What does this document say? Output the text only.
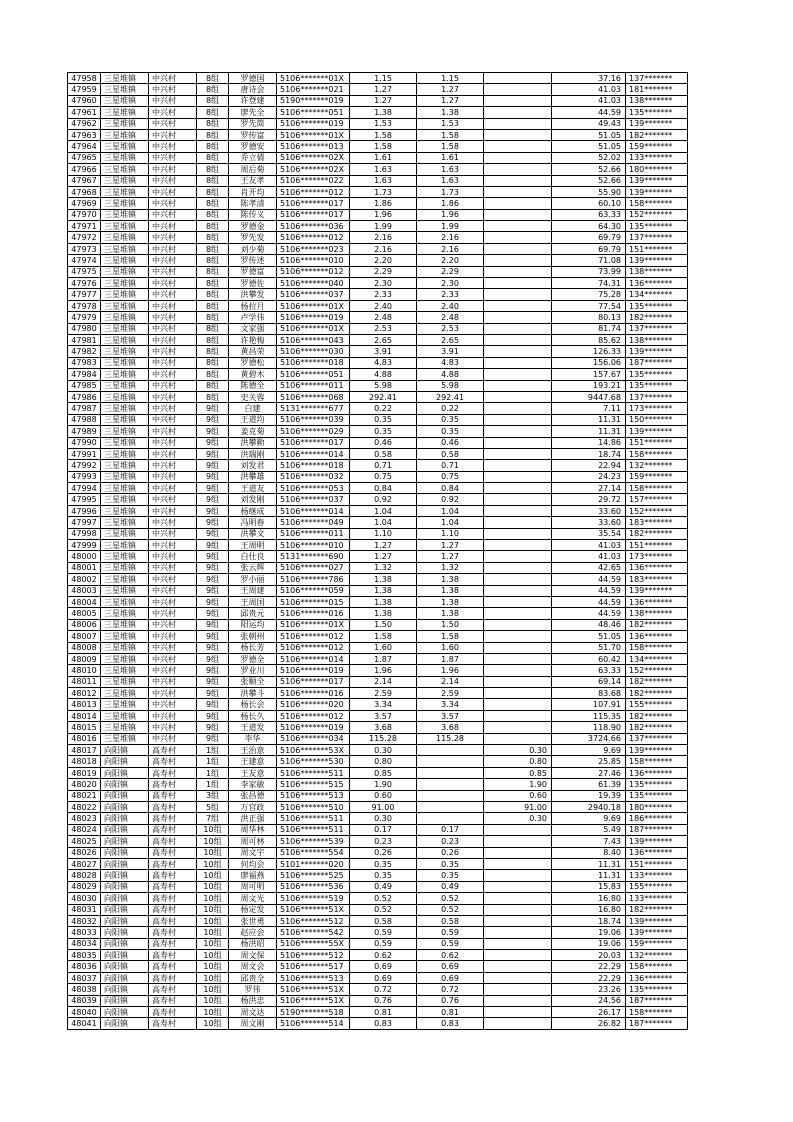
47958	三星堆镇	中兴村	8组	罗德国	5106*******01X	1.15	1.15		37.16	137*******
47959	三星堆镇	中兴村	8组	唐诗会	5106*******021	1.27	1.27		41.03	181*******
47960	三星堆镇	中兴村	8组	许登建	5190*******019	1.27	1.27		41.03	138*******
47961	三星堆镇	中兴村	8组	廖先全	5106*******051	1.38	1.38		44.59	135*******
47962	三星堆镇	中兴村	8组	罗先简	5106*******019	1.53	1.53		49.43	139*******
47963	三星堆镇	中兴村	8组	罗传富	5106*******01X	1.58	1.58		51.05	182*******
47964	三星堆镇	中兴村	8组	罗德安	5106*******013	1.58	1.58		51.05	159*******
47965	三星堆镇	中兴村	8组	乔立倩	5106*******02X	1.61	1.61		52.02	133*******
47966	三星堆镇	中兴村	8组	周后菊	5106*******02X	1.63	1.63		52.66	180*******
47967	三星堆镇	中兴村	8组	王友孝	5106*******022	1.63	1.63		52.66	139*******
47968	三星堆镇	中兴村	8组	肖开均	5106*******012	1.73	1.73		55.90	139*******
47969	三星堆镇	中兴村	8组	陈孝清	5106*******017	1.86	1.86		60.10	158*******
47970	三星堆镇	中兴村	8组	陈传义	5106*******017	1.96	1.96		63.33	152*******
47971	三星堆镇	中兴村	8组	罗德金	5106*******036	1.99	1.99		64.30	135*******
47972	三星堆镇	中兴村	8组	罗先发	5106*******012	2.16	2.16		69.79	137*******
47973	三星堆镇	中兴村	8组	刘少菊	5106*******023	2.16	2.16		69.79	151*******
47974	三星堆镇	中兴村	8组	罗传述	5106*******010	2.20	2.20		71.08	139*******
47975	三星堆镇	中兴村	8组	罗德富	5106*******012	2.29	2.29		73.99	138*******
47976	三星堆镇	中兴村	8组	罗德佐	5106*******040	2.30	2.30		74.31	136*******
47977	三星堆镇	中兴村	8组	洪攀发	5106*******037	2.33	2.33		75.28	134*******
47978	三星堆镇	中兴村	8组	杨拉月	5106*******01X	2.40	2.40		77.54	135*******
47979	三星堆镇	中兴村	8组	卢学伟	5106*******019	2.48	2.48		80.13	182*******
47980	三星堆镇	中兴村	8组	文家强	5106*******01X	2.53	2.53		81.74	137*******
47981	三星堆镇	中兴村	8组	许艳梅	5106*******043	2.65	2.65		85.62	138*******
47982	三星堆镇	中兴村	8组	黄昌荣	5106*******030	3.91	3.91		126.33	139*******
47983	三星堆镇	中兴村	8组	罗德松	5106*******018	4.83	4.83		156.06	187*******
47984	三星堆镇	中兴村	8组	黄碧木	5106*******051	4.88	4.88		157.67	135*******
47985	三星堆镇	中兴村	8组	陈德全	5106*******011	5.98	5.98		193.21	135*******
47986	三星堆镇	中兴村	8组	史关蓉	5106*******068	292.41	292.41		9447.68	137*******
47987	三星堆镇	中兴村	9组	白建	5131*******677	0.22	0.22		7.11	173*******
47988	三星堆镇	中兴村	9组	王道均	5106*******039	0.35	0.35		11.31	150*******
47989	三星堆镇	中兴村	9组	姜克菊	5106*******029	0.35	0.35		11.31	139*******
47990	三星堆镇	中兴村	9组	洪攀勤	5106*******017	0.46	0.46		14.86	151*******
47991	三星堆镇	中兴村	9组	洪瑞刚	5106*******014	0.58	0.58		18.74	158*******
47992	三星堆镇	中兴村	9组	刘发君	5106*******018	0.71	0.71		22.94	132*******
47993	三星堆镇	中兴村	9组	洪攀雄	5106*******032	0.75	0.75		24.23	159*******
47994	三星堆镇	中兴村	9组	王道友	5106*******053	0.84	0.84		27.14	158*******
47995	三星堆镇	中兴村	9组	刘发刚	5106*******037	0.92	0.92		29.72	157*******
47996	三星堆镇	中兴村	9组	杨继成	5106*******014	1.04	1.04		33.60	152*******
47997	三星堆镇	中兴村	9组	冯明春	5106*******049	1.04	1.04		33.60	183*******
47998	三星堆镇	中兴村	9组	洪攀文	5106*******011	1.10	1.10		35.54	182*******
47999	三星堆镇	中兴村	9组	王周明	5106*******010	1.27	1.27		41.03	151*******
48000	三星堆镇	中兴村	9组	白仕良	5131*******690	1.27	1.27		41.03	173*******
48001	三星堆镇	中兴村	9组	张云辉	5106*******027	1.32	1.32		42.65	136*******
48002	三星堆镇	中兴村	9组	罗小丽	5106*******786	1.38	1.38		44.59	183*******
48003	三星堆镇	中兴村	9组	王周建	5106*******059	1.38	1.38		44.59	139*******
48004	三星堆镇	中兴村	9组	王周国	5106*******015	1.38	1.38		44.59	136*******
48005	三星堆镇	中兴村	9组	邱贵元	5106*******016	1.38	1.38		44.59	138*******
48006	三星堆镇	中兴村	9组	阳运均	5106*******01X	1.50	1.50		48.46	182*******
48007	三星堆镇	中兴村	9组	张朝州	5106*******012	1.58	1.58		51.05	136*******
48008	三星堆镇	中兴村	9组	杨长芳	5106*******012	1.60	1.60		51.70	158*******
48009	三星堆镇	中兴村	9组	罗德全	5106*******014	1.87	1.87		60.42	134*******
48010	三星堆镇	中兴村	9组	罗业川	5106*******019	1.96	1.96		63.33	152*******
48011	三星堆镇	中兴村	9组	张顺全	5106*******017	2.14	2.14		69.14	182*******
48012	三星堆镇	中兴村	9组	洪攀斗	5106*******016	2.59	2.59		83.68	182*******
48013	三星堆镇	中兴村	9组	杨长会	5106*******020	3.34	3.34		107.91	155*******
48014	三星堆镇	中兴村	9组	杨长久	5106*******012	3.57	3.57		115.35	182*******
48015	三星堆镇	中兴村	9组	王道发	5106*******019	3.68	3.68		118.90	182*******
48016	三星堆镇	中兴村	9组	李华	5106*******034	115.28	115.28		3724.66	137*******
48017	向阳镇	高寿村	1组	王治意	5106*******53X	0.30		0.30	9.69	139*******
48018	向阳镇	高寿村	1组	王建意	5106*******530	0.80		0.80	25.85	158*******
48019	向阳镇	高寿村	1组	王友意	5106*******511	0.85		0.85	27.46	136*******
48020	向阳镇	高寿村	1组	李家敏	5106*******515	1.90		1.90	61.39	135*******
48021	向阳镇	高寿村	3组	张昌德	5106*******513	0.60		0.60	19.39	135*******
48022	向阳镇	高寿村	5组	万官政	5106*******510	91.00		91.00	2940.18	180*******
48023	向阳镇	高寿村	7组	洪正强	5106*******511	0.30		0.30	9.69	186*******
48024	向阳镇	高寿村	10组	周华林	5106*******511	0.17	0.17		5.49	187*******
48025	向阳镇	高寿村	10组	周可林	5106*******539	0.23	0.23		7.43	139*******
48026	向阳镇	高寿村	10组	周文宇	5106*******554	0.26	0.26		8.40	136*******
48027	向阳镇	高寿村	10组	何均会	5101*******020	0.35	0.35		11.31	151*******
48028	向阳镇	高寿村	10组	廖福燕	5106*******525	0.35	0.35		11.31	133*******
48029	向阳镇	高寿村	10组	周可明	5106*******536	0.49	0.49		15.83	155*******
48030	向阳镇	高寿村	10组	周文光	5106*******519	0.52	0.52		16.80	133*******
48031	向阳镇	高寿村	10组	杨定发	5106*******51X	0.52	0.52		16.80	182*******
48032	向阳镇	高寿村	10组	张世勇	5106*******512	0.58	0.58		18.74	139*******
48033	向阳镇	高寿村	10组	赵应会	5106*******542	0.59	0.59		19.06	139*******
48034	向阳镇	高寿村	10组	杨洪昭	5106*******55X	0.59	0.59		19.06	159*******
48035	向阳镇	高寿村	10组	周文保	5106*******512	0.62	0.62		20.03	132*******
48036	向阳镇	高寿村	10组	周文会	5106*******517	0.69	0.69		22.29	158*******
48037	向阳镇	高寿村	10组	邱贵全	5106*******513	0.69	0.69		22.29	136*******
48038	向阳镇	高寿村	10组	罗伟	5106*******51X	0.72	0.72		23.26	135*******
48039	向阳镇	高寿村	10组	杨洪忠	5106*******51X	0.76	0.76		24.56	187*******
48040	向阳镇	高寿村	10组	周文达	5190*******518	0.81	0.81		26.17	158*******
48041	向阳镇	高寿村	10组	周文刚	5106*******514	0.83	0.83		26.82	187*******
